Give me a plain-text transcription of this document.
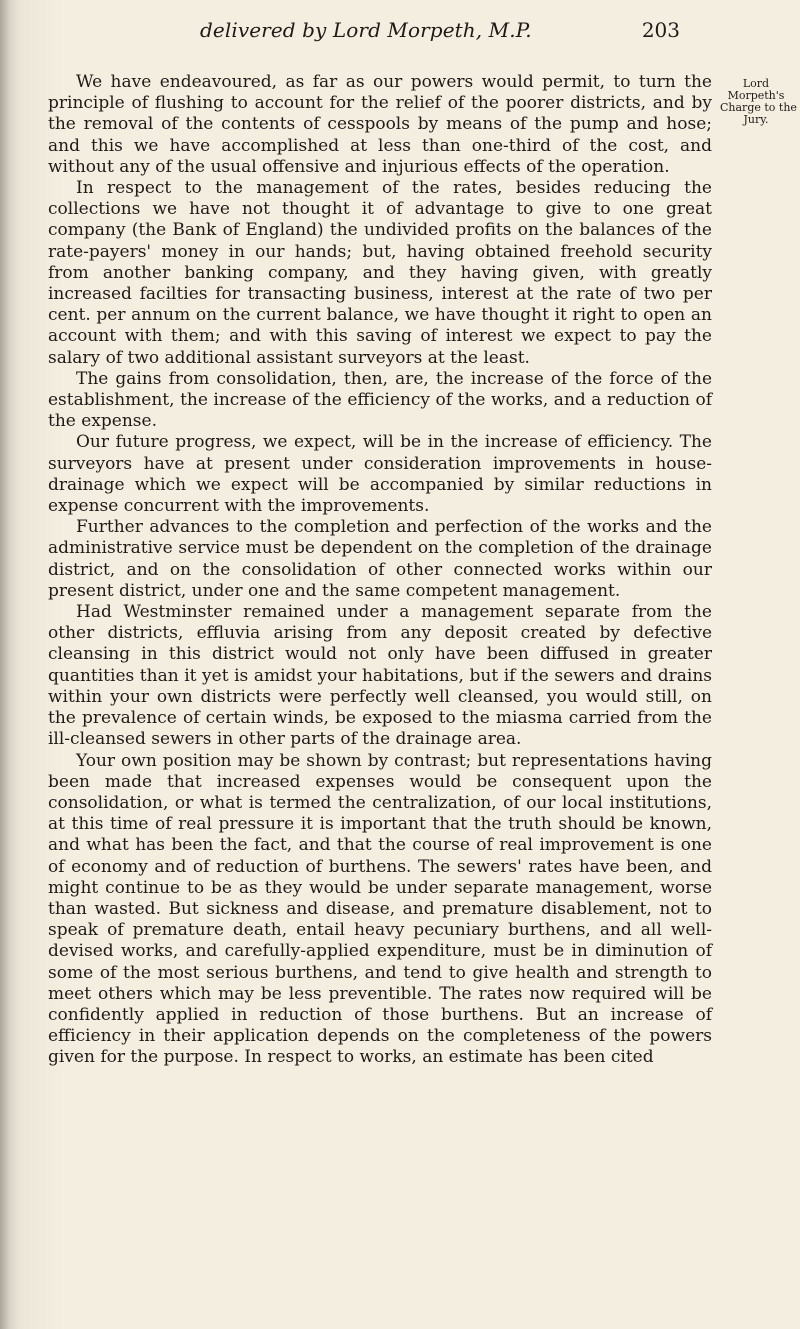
delivered by Lord Morpeth, M.P.	203
Lord
Morpeth's
Charge to the
Jury.

We have endeavoured, as far as our powers would permit, to turn the principle of flushing to account for the relief of the poorer districts, and by the removal of the contents of cesspools by means of the pump and hose; and this we have accomplished at less than one-third of the cost, and without any of the usual offensive and injurious effects of the operation.

In respect to the management of the rates, besides reducing the collections we have not thought it of advantage to give to one great company (the Bank of England) the undivided profits on the balances of the rate-payers' money in our hands; but, having obtained freehold security from another banking company, and they having given, with greatly increased facilties for transacting business, interest at the rate of two per cent. per annum on the current balance, we have thought it right to open an account with them; and with this saving of interest we expect to pay the salary of two additional assistant surveyors at the least.

The gains from consolidation, then, are, the increase of the force of the establishment, the increase of the efficiency of the works, and a reduction of the expense.

Our future progress, we expect, will be in the increase of efficiency. The surveyors have at present under consideration improvements in house-drainage which we expect will be accompanied by similar reductions in expense concurrent with the improvements.

Further advances to the completion and perfection of the works and the administrative service must be dependent on the completion of the drainage district, and on the consolidation of other connected works within our present district, under one and the same competent management.

Had Westminster remained under a management separate from the other districts, effluvia arising from any deposit created by defective cleansing in this district would not only have been diffused in greater quantities than it yet is amidst your habitations, but if the sewers and drains within your own districts were perfectly well cleansed, you would still, on the prevalence of certain winds, be exposed to the miasma carried from the ill-cleansed sewers in other parts of the drainage area.

Your own position may be shown by contrast; but representations having been made that increased expenses would be consequent upon the consolidation, or what is termed the centralization, of our local institutions, at this time of real pressure it is important that the truth should be known, and what has been the fact, and that the course of real improvement is one of economy and of reduction of burthens. The sewers' rates have been, and might continue to be as they would be under separate management, worse than wasted. But sickness and disease, and premature disablement, not to speak of premature death, entail heavy pecuniary burthens, and all well-devised works, and carefully-applied expenditure, must be in diminution of some of the most serious burthens, and tend to give health and strength to meet others which may be less preventible. The rates now required will be confidently applied in reduction of those burthens. But an increase of efficiency in their application depends on the completeness of the powers given for the purpose. In respect to works, an estimate has been cited
